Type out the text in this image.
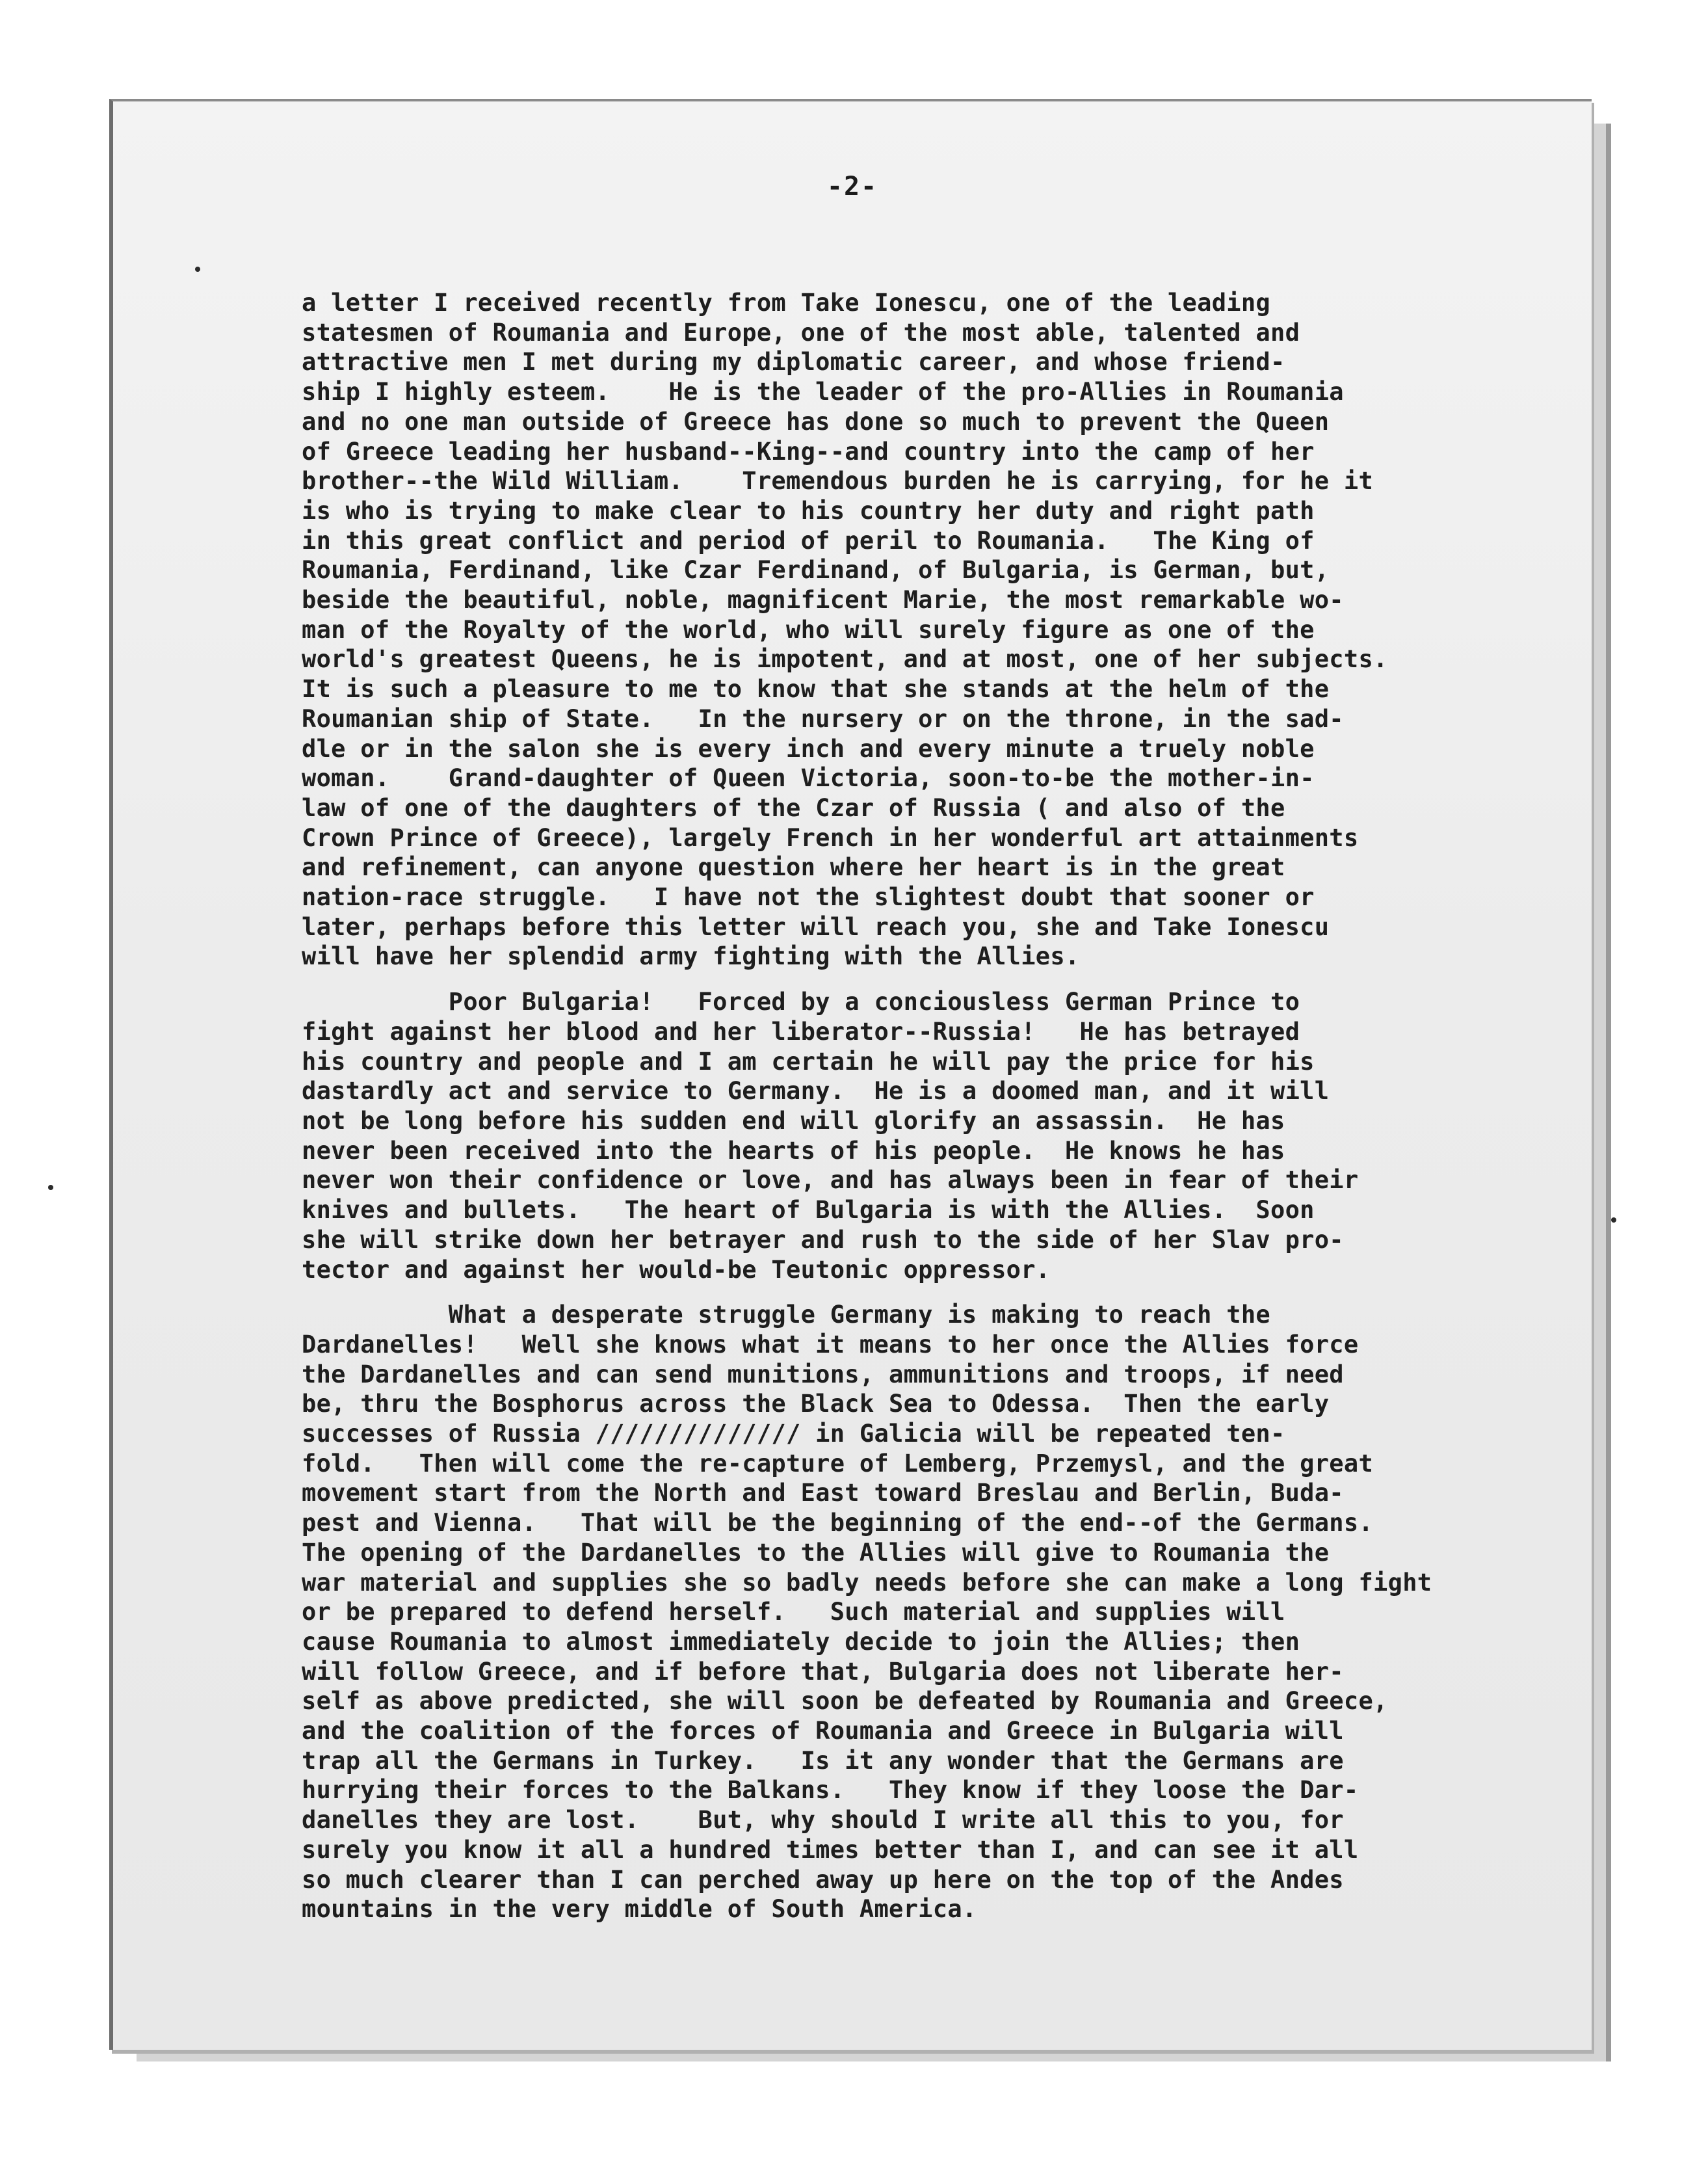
-2-
a letter I received recently from Take Ionescu, one of the leading
statesmen of Roumania and Europe, one of the most able, talented and
attractive men I met during my diplomatic career, and whose friend-
ship I highly esteem.    He is the leader of the pro-Allies in Roumania
and no one man outside of Greece has done so much to prevent the Queen
of Greece leading her husband--King--and country into the camp of her
brother--the Wild William.    Tremendous burden he is carrying, for he it
is who is trying to make clear to his country her duty and right path
in this great conflict and period of peril to Roumania.   The King of
Roumania, Ferdinand, like Czar Ferdinand, of Bulgaria, is German, but,
beside the beautiful, noble, magnificent Marie, the most remarkable wo-
man of the Royalty of the world, who will surely figure as one of the
world's greatest Queens, he is impotent, and at most, one of her subjects.
It is such a pleasure to me to know that she stands at the helm of the
Roumanian ship of State.   In the nursery or on the throne, in the sad-
dle or in the salon she is every inch and every minute a truely noble
woman.    Grand-daughter of Queen Victoria, soon-to-be the mother-in-
law of one of the daughters of the Czar of Russia ( and also of the
Crown Prince of Greece), largely French in her wonderful art attainments
and refinement, can anyone question where her heart is in the great
nation-race struggle.   I have not the slightest doubt that sooner or
later, perhaps before this letter will reach you, she and Take Ionescu
will have her splendid army fighting with the Allies.
Poor Bulgaria!   Forced by a conciousless German Prince to
fight against her blood and her liberator--Russia!   He has betrayed
his country and people and I am certain he will pay the price for his
dastardly act and service to Germany.  He is a doomed man, and it will
not be long before his sudden end will glorify an assassin.  He has
never been received into the hearts of his people.  He knows he has
never won their confidence or love, and has always been in fear of their
knives and bullets.   The heart of Bulgaria is with the Allies.  Soon
she will strike down her betrayer and rush to the side of her Slav pro-
tector and against her would-be Teutonic oppressor.
What a desperate struggle Germany is making to reach the
Dardanelles!   Well she knows what it means to her once the Allies force
the Dardanelles and can send munitions, ammunitions and troops, if need
be, thru the Bosphorus across the Black Sea to Odessa.  Then the early
successes of Russia ////////////// in Galicia will be repeated ten-
fold.   Then will come the re-capture of Lemberg, Przemysl, and the great
movement start from the North and East toward Breslau and Berlin, Buda-
pest and Vienna.   That will be the beginning of the end--of the Germans.
The opening of the Dardanelles to the Allies will give to Roumania the
war material and supplies she so badly needs before she can make a long fight
or be prepared to defend herself.   Such material and supplies will
cause Roumania to almost immediately decide to join the Allies; then
will follow Greece, and if before that, Bulgaria does not liberate her-
self as above predicted, she will soon be defeated by Roumania and Greece,
and the coalition of the forces of Roumania and Greece in Bulgaria will
trap all the Germans in Turkey.   Is it any wonder that the Germans are
hurrying their forces to the Balkans.   They know if they loose the Dar-
danelles they are lost.    But, why should I write all this to you, for
surely you know it all a hundred times better than I, and can see it all
so much clearer than I can perched away up here on the top of the Andes
mountains in the very middle of South America.
